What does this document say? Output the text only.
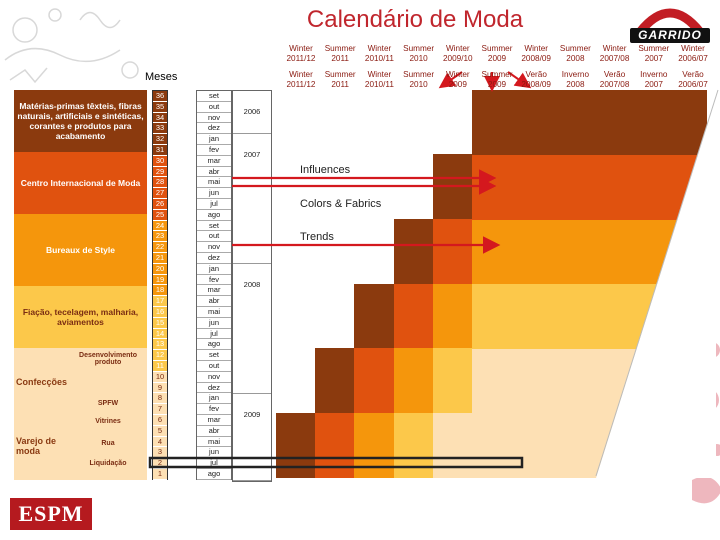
Calendário de Moda
GARRIDO
Meses
Matérias-primas têxteis, fibras naturais, artificiais e sintéticas, corantes e produtos para acabamento
Centro Internacional de Moda
Bureaux de Style
Fiação, tecelagem, malharia, aviamentos
Desenvolvimento produto
Confecções
SPFW
Vitrines
Varejo de moda
Rua
Liquidação
36
35
34
33
32
31
30
29
28
27
26
25
24
23
22
21
20
19
18
17
16
15
14
13
12
11
10
9
8
7
6
5
4
3
2
1
set
out
nov
dez
jan
fev
mar
abr
mai
jun
jul
ago
set
out
nov
dez
jan
fev
mar
abr
mai
jun
jul
ago
set
out
nov
dez
jan
fev
mar
abr
mai
jun
jul
ago
2006
2007
2008
2009
Influences
Colors & Fabrics
Trends
ESPM
Winter
2011/12
Summer
2011
Winter
2010/11
Summer
2010
Winter
2009/10
Summer
2009
Winter
2008/09
Summer
2008
Winter
2007/08
Summer
2007
Winter
2006/07
Winter
2011/12
Summer
2011
Winter
2010/11
Summer
2010
Winter
2009
Summer
2009
Verão
2008/09
Inverno
2008
Verão
2007/08
Inverno
2007
Verão
2006/07
